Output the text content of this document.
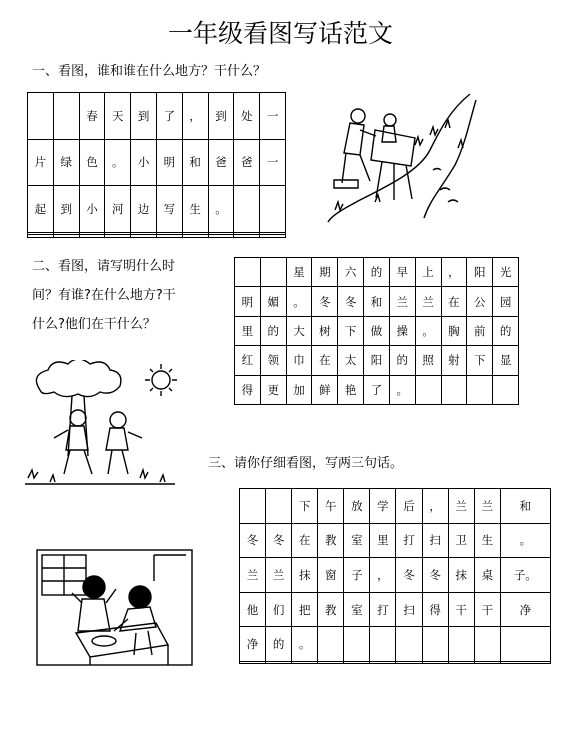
一年级看图写话范文
一、看图，谁和谁在什么地方？干什么？
		春	天	到	了	，	到	处	一
片	绿	色	。	小	明	和	爸	爸	一
起	到	小	河	边	写	生	。		

二、看图，请写明什么时
间？有谁?在什么地方?干
什么?他们在干什么？
		星	期	六	的	早	上	，	阳	光
明	媚	。	冬	冬	和	兰	兰	在	公	园
里	的	大	树	下	做	操	。	胸	前	的
红	领	巾	在	太	阳	的	照	射	下	显
得	更	加	鲜	艳	了	。				
三、请你仔细看图，写两三句话。
		下	午	放	学	后	，	兰	兰	和
冬	冬	在	教	室	里	打	扫	卫	生	。
兰	兰	抹	窗	子	，	冬	冬	抹	桌	子。
他	们	把	教	室	打	扫	得	干	干	净
净	的	。								
